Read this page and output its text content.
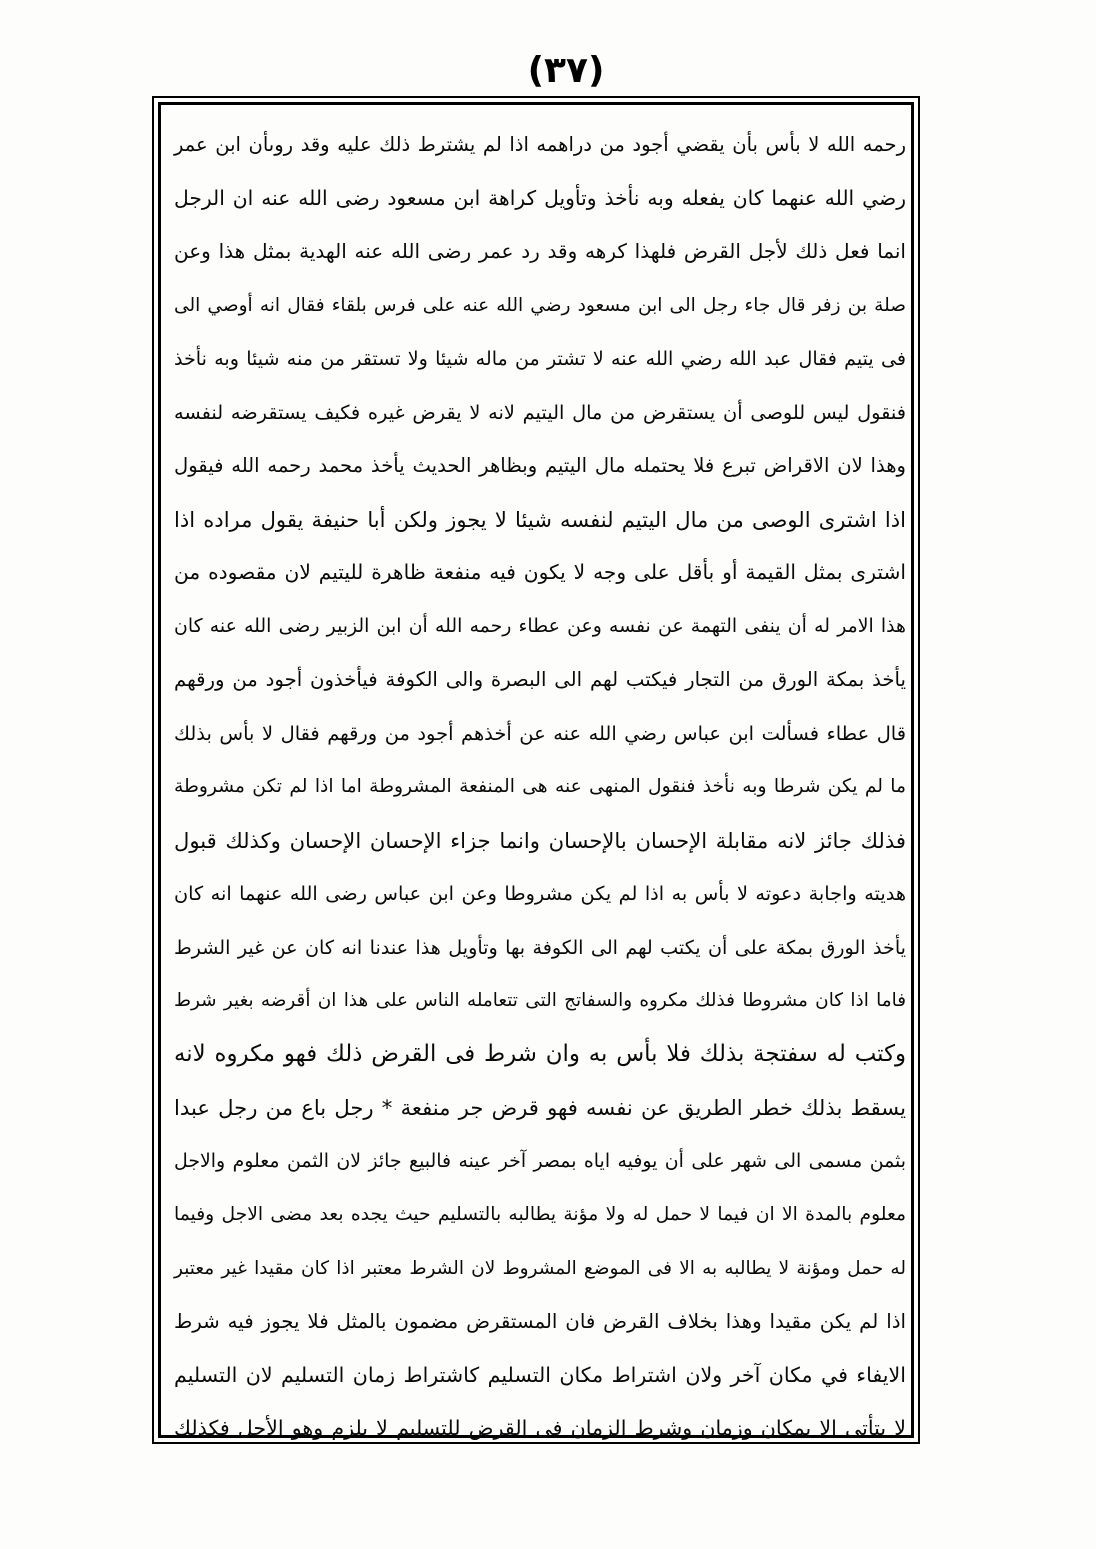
(٣٧)
رحمه الله لا بأس بأن يقضي أجود من دراهمه اذا لم يشترط ذلك عليه وقد روىأن ابن عمر
رضي الله عنهما كان يفعله وبه نأخذ وتأويل كراهة ابن مسعود رضى الله عنه ان الرجل
انما فعل ذلك لأجل القرض فلهذا كرهه وقد رد عمر رضى الله عنه الهدية بمثل هذا وعن
صلة بن زفر قال جاء رجل الى ابن مسعود رضي الله عنه على فرس بلقاء فقال انه أوصي الى
فى يتيم فقال عبد الله رضي الله عنه لا تشتر من ماله شيئا ولا تستقر من منه شيئا وبه نأخذ
فنقول ليس للوصى أن يستقرض من مال اليتيم لانه لا يقرض غيره فكيف يستقرضه لنفسه
وهذا لان الاقراض تبرع فلا يحتمله مال اليتيم وبظاهر الحديث يأخذ محمد رحمه الله فيقول
اذا اشترى الوصى من مال اليتيم لنفسه شيئا لا يجوز ولكن أبا حنيفة يقول مراده اذا
اشترى بمثل القيمة أو بأقل على وجه لا يكون فيه منفعة ظاهرة لليتيم لان مقصوده من
هذا الامر له أن ينفى التهمة عن نفسه وعن عطاء رحمه الله أن ابن الزبير رضى الله عنه كان
يأخذ بمكة الورق من التجار فيكتب لهم الى البصرة والى الكوفة فيأخذون أجود من ورقهم
قال عطاء فسألت ابن عباس رضي الله عنه عن أخذهم أجود من ورقهم فقال لا بأس بذلك
ما لم يكن شرطا وبه نأخذ فنقول المنهى عنه هى المنفعة المشروطة اما اذا لم تكن مشروطة
فذلك جائز لانه مقابلة الإحسان بالإحسان وانما جزاء الإحسان الإحسان وكذلك قبول
هديته واجابة دعوته لا بأس به اذا لم يكن مشروطا وعن ابن عباس رضى الله عنهما انه كان
يأخذ الورق بمكة على أن يكتب لهم الى الكوفة بها وتأويل هذا عندنا انه كان عن غير الشرط
فاما اذا كان مشروطا فذلك مكروه والسفاتج التى تتعامله الناس على هذا ان أقرضه بغير شرط
وكتب له سفتجة بذلك فلا بأس به وان شرط فى القرض ذلك فهو مكروه لانه
يسقط بذلك خطر الطريق عن نفسه فهو قرض جر منفعة * رجل باع من رجل عبدا
بثمن مسمى الى شهر على أن يوفيه اياه بمصر آخر عينه فالبيع جائز لان الثمن معلوم والاجل
معلوم بالمدة الا ان فيما لا حمل له ولا مؤنة يطالبه بالتسليم حيث يجده بعد مضى الاجل وفيما
له حمل ومؤنة لا يطالبه به الا فى الموضع المشروط لان الشرط معتبر اذا كان مقيدا غير معتبر
اذا لم يكن مقيدا وهذا بخلاف القرض فان المستقرض مضمون بالمثل فلا يجوز فيه شرط
الايفاء في مكان آخر ولان اشتراط مكان التسليم كاشتراط زمان التسليم لان التسليم
لا يتأتى الا بمكان وزمان وشرط الزمان فى القرض للتسليم لا يلزم وهو الأجل فكذلك
